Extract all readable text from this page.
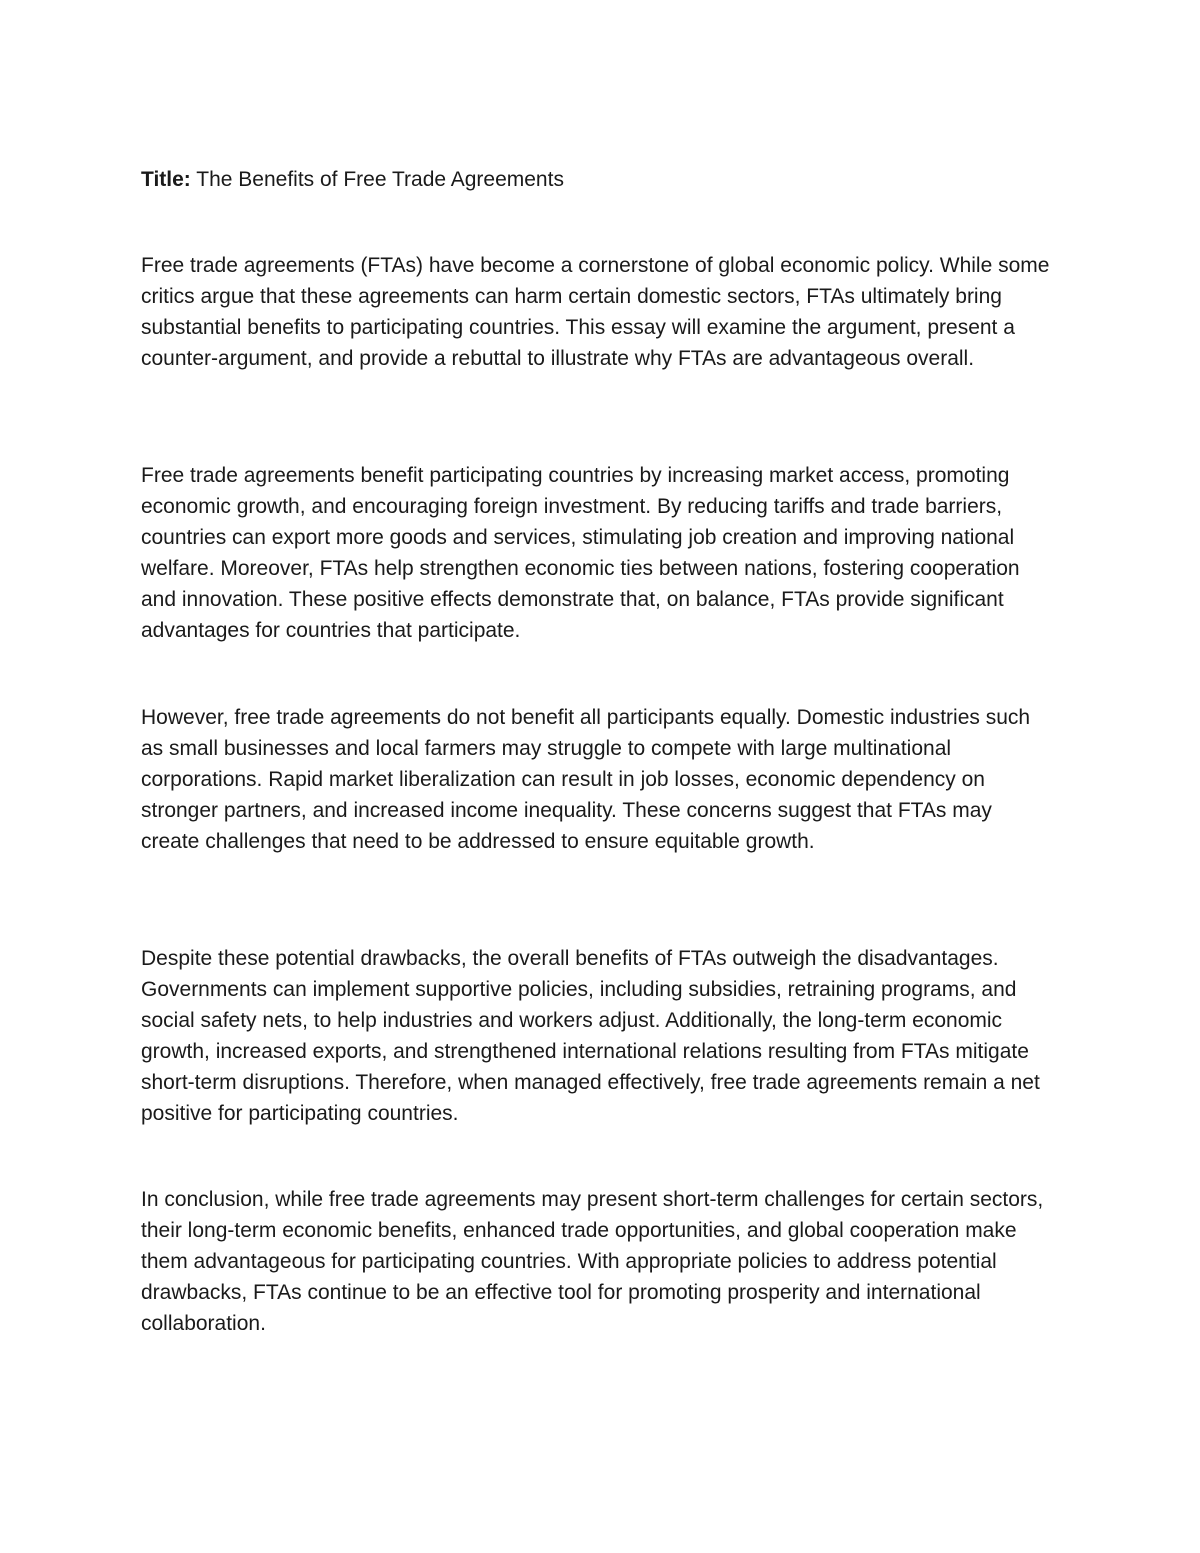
Title: The Benefits of Free Trade Agreements

Free trade agreements (FTAs) have become a cornerstone of global economic policy. While some critics argue that these agreements can harm certain domestic sectors, FTAs ultimately bring substantial benefits to participating countries. This essay will examine the argument, present a counter-argument, and provide a rebuttal to illustrate why FTAs are advantageous overall.

Free trade agreements benefit participating countries by increasing market access, promoting economic growth, and encouraging foreign investment. By reducing tariffs and trade barriers, countries can export more goods and services, stimulating job creation and improving national welfare. Moreover, FTAs help strengthen economic ties between nations, fostering cooperation and innovation. These positive effects demonstrate that, on balance, FTAs provide significant advantages for countries that participate.

However, free trade agreements do not benefit all participants equally. Domestic industries such as small businesses and local farmers may struggle to compete with large multinational corporations. Rapid market liberalization can result in job losses, economic dependency on stronger partners, and increased income inequality. These concerns suggest that FTAs may create challenges that need to be addressed to ensure equitable growth.

Despite these potential drawbacks, the overall benefits of FTAs outweigh the disadvantages. Governments can implement supportive policies, including subsidies, retraining programs, and social safety nets, to help industries and workers adjust. Additionally, the long-term economic growth, increased exports, and strengthened international relations resulting from FTAs mitigate short-term disruptions. Therefore, when managed effectively, free trade agreements remain a net positive for participating countries.

In conclusion, while free trade agreements may present short-term challenges for certain sectors, their long-term economic benefits, enhanced trade opportunities, and global cooperation make them advantageous for participating countries. With appropriate policies to address potential drawbacks, FTAs continue to be an effective tool for promoting prosperity and international collaboration.
